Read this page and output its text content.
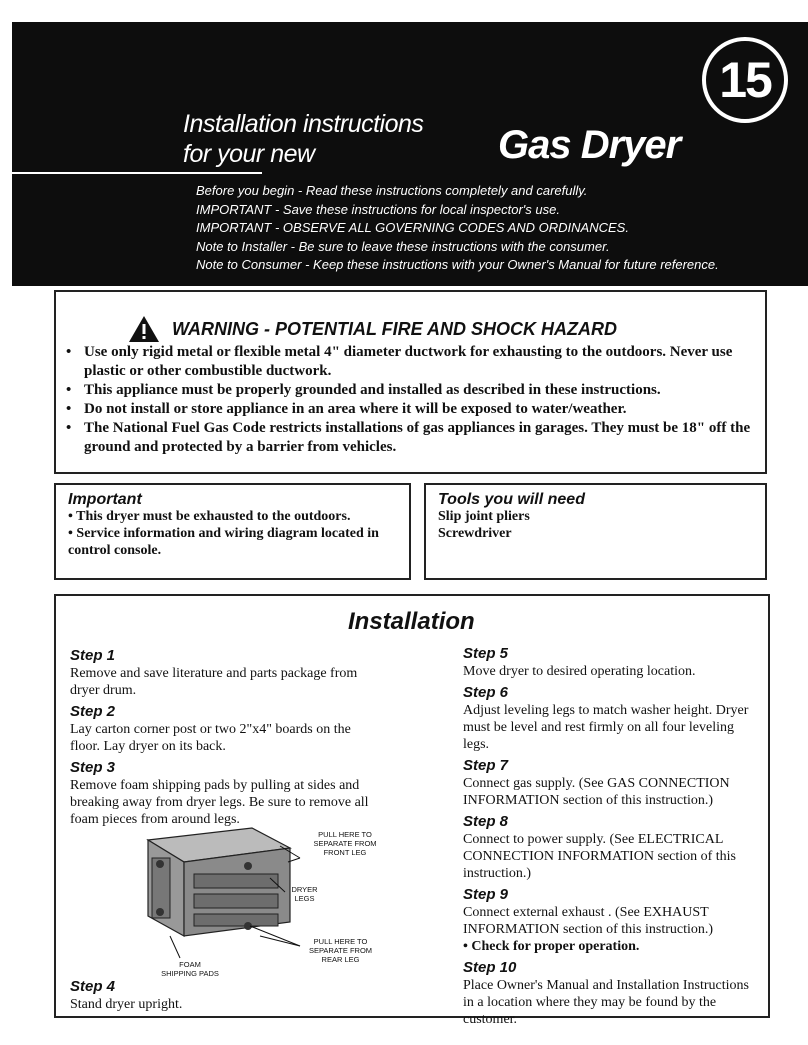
15
Installation instructions
for your new	Gas Dryer
Before you begin - Read these instructions completely and carefully.
IMPORTANT - Save these instructions for local inspector's use.
IMPORTANT - OBSERVE ALL GOVERNING CODES AND ORDINANCES.
Note to Installer - Be sure to leave these instructions with the consumer.
Note to Consumer - Keep these instructions with your Owner's Manual for future reference.
WARNING - POTENTIAL FIRE AND SHOCK HAZARD
• Use only rigid metal or flexible metal 4" diameter ductwork for exhausting to the outdoors. Never use plastic or other combustible ductwork.
• This appliance must be properly grounded and installed as described in these instructions.
• Do not install or store appliance in an area where it will be exposed to water/weather.
• The National Fuel Gas Code restricts installations of gas appliances in garages. They must be 18" off the ground and protected by a barrier from vehicles.
Important
• This dryer must be exhausted to the outdoors.
• Service information and wiring diagram located in control console.
Tools you will need
Slip joint pliers
Screwdriver
Installation
Step 1
Remove and save literature and parts package from dryer drum.
Step 2
Lay carton corner post or two 2"x4" boards on the floor. Lay dryer on its back.
Step 3
Remove foam shipping pads by pulling at sides and breaking away from dryer legs. Be sure to remove all foam pieces from around legs.
PULL HERE TO
SEPARATE FROM
FRONT LEG
DRYER
LEGS
PULL HERE TO
SEPARATE FROM
REAR LEG
FOAM
SHIPPING PADS
Step 4
Stand dryer upright.
Step 5
Move dryer to desired operating location.
Step 6
Adjust leveling legs to match washer height. Dryer must be level and rest firmly on all four leveling legs.
Step 7
Connect gas supply. (See GAS CONNECTION INFORMATION section of this instruction.)
Step 8
Connect to power supply. (See ELECTRICAL CONNECTION INFORMATION section of this instruction.)
Step 9
Connect external exhaust . (See EXHAUST INFORMATION section of this instruction.)
• Check for proper operation.
Step 10
Place Owner's Manual and Installation Instructions in a location where they may be found by the customer.
